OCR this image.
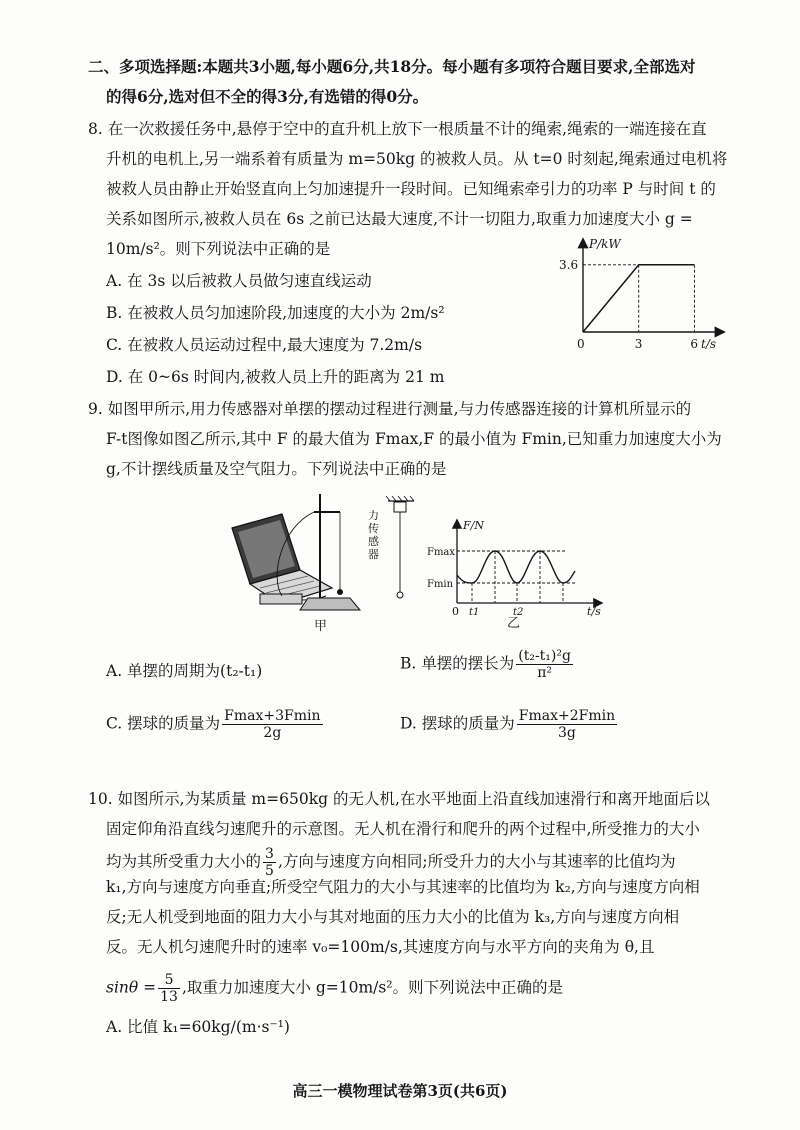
二、多项选择题:本题共3小题,每小题6分,共18分。每小题有多项符合题目要求,全部选对
的得6分,选对但不全的得3分,有选错的得0分。
8. 在一次救援任务中,悬停于空中的直升机上放下一根质量不计的绳索,绳索的一端连接在直
升机的电机上,另一端系着有质量为 m=50kg 的被救人员。从 t=0 时刻起,绳索通过电机将
被救人员由静止开始竖直向上匀加速提升一段时间。已知绳索牵引力的功率 P 与时间 t 的
关系如图所示,被救人员在 6s 之前已达最大速度,不计一切阻力,取重力加速度大小 g =
10m/s²。则下列说法中正确的是
A. 在 3s 以后被救人员做匀速直线运动
B. 在被救人员匀加速阶段,加速度的大小为 2m/s²
C. 在被救人员运动过程中,最大速度为 7.2m/s
D. 在 0~6s 时间内,被救人员上升的距离为 21 m
P/kW
t/s
0
3.6
3	6
9. 如图甲所示,用力传感器对单摆的摆动过程进行测量,与力传感器连接的计算机所显示的
F-t图像如图乙所示,其中 F 的最大值为 Fmax,F 的最小值为 Fmin,已知重力加速度大小为
g,不计摆线质量及空气阻力。下列说法中正确的是
甲
力
传
感
器
F/N
t/s
Fmax
Fmin
0 t1	t2
乙
A. 单摆的周期为(t₂-t₁)	B. 单摆的摆长为 $\frac{\text{(t₂-t₁)²g}}{\text{π²}}$
C. 摆球的质量为 $\frac{Fmax+3Fmin}{2g}$	D. 摆球的质量为 $\frac{Fmax+2Fmin}{3g}$
10. 如图所示,为某质量 m=650kg 的无人机,在水平地面上沿直线加速滑行和离开地面后以
固定仰角沿直线匀速爬升的示意图。无人机在滑行和爬升的两个过程中,所受推力的大小
均为其所受重力大小的 $\frac{3}{5}$ ,方向与速度方向相同;所受升力的大小与其速率的比值均为
k₁,方向与速度方向垂直;所受空气阻力的大小与其速率的比值均为 k₂,方向与速度方向相
反;无人机受到地面的阻力大小与其对地面的压力大小的比值为 k₃,方向与速度方向相
反。无人机匀速爬升时的速率 v₀=100m/s,其速度方向与水平方向的夹角为 θ,且
$\sin\theta = \frac{5}{13}$ ,取重力加速度大小 g=10m/s²。则下列说法中正确的是
A. 比值 k₁=60kg/(m·s⁻¹)
高三一模物理试卷第3页(共6页)
